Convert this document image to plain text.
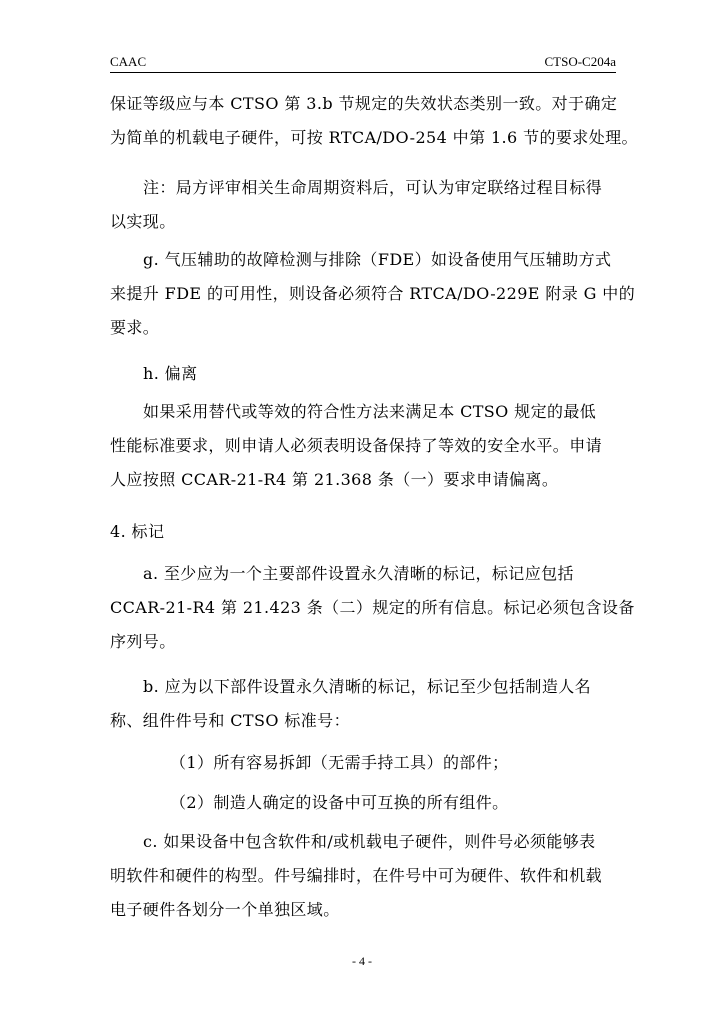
CAAC	CTSO-C204a
保证等级应与本 CTSO 第 3.b 节规定的失效状态类别一致。对于确定
为简单的机载电子硬件，可按 RTCA/DO-254 中第 1.6 节的要求处理。
注：局方评审相关生命周期资料后，可认为审定联络过程目标得
以实现。
g. 气压辅助的故障检测与排除（FDE）如设备使用气压辅助方式
来提升 FDE 的可用性，则设备必须符合 RTCA/DO-229E 附录 G 中的
要求。
h. 偏离
如果采用替代或等效的符合性方法来满足本 CTSO 规定的最低
性能标准要求，则申请人必须表明设备保持了等效的安全水平。申请
人应按照 CCAR-21-R4 第 21.368 条（一）要求申请偏离。
4. 标记
a. 至少应为一个主要部件设置永久清晰的标记，标记应包括
CCAR-21-R4 第 21.423 条（二）规定的所有信息。标记必须包含设备
序列号。
b. 应为以下部件设置永久清晰的标记，标记至少包括制造人名
称、组件件号和 CTSO 标准号：
（1）所有容易拆卸（无需手持工具）的部件；
（2）制造人确定的设备中可互换的所有组件。
c. 如果设备中包含软件和/或机载电子硬件，则件号必须能够表
明软件和硬件的构型。件号编排时，在件号中可为硬件、软件和机载
电子硬件各划分一个单独区域。
- 4 -
